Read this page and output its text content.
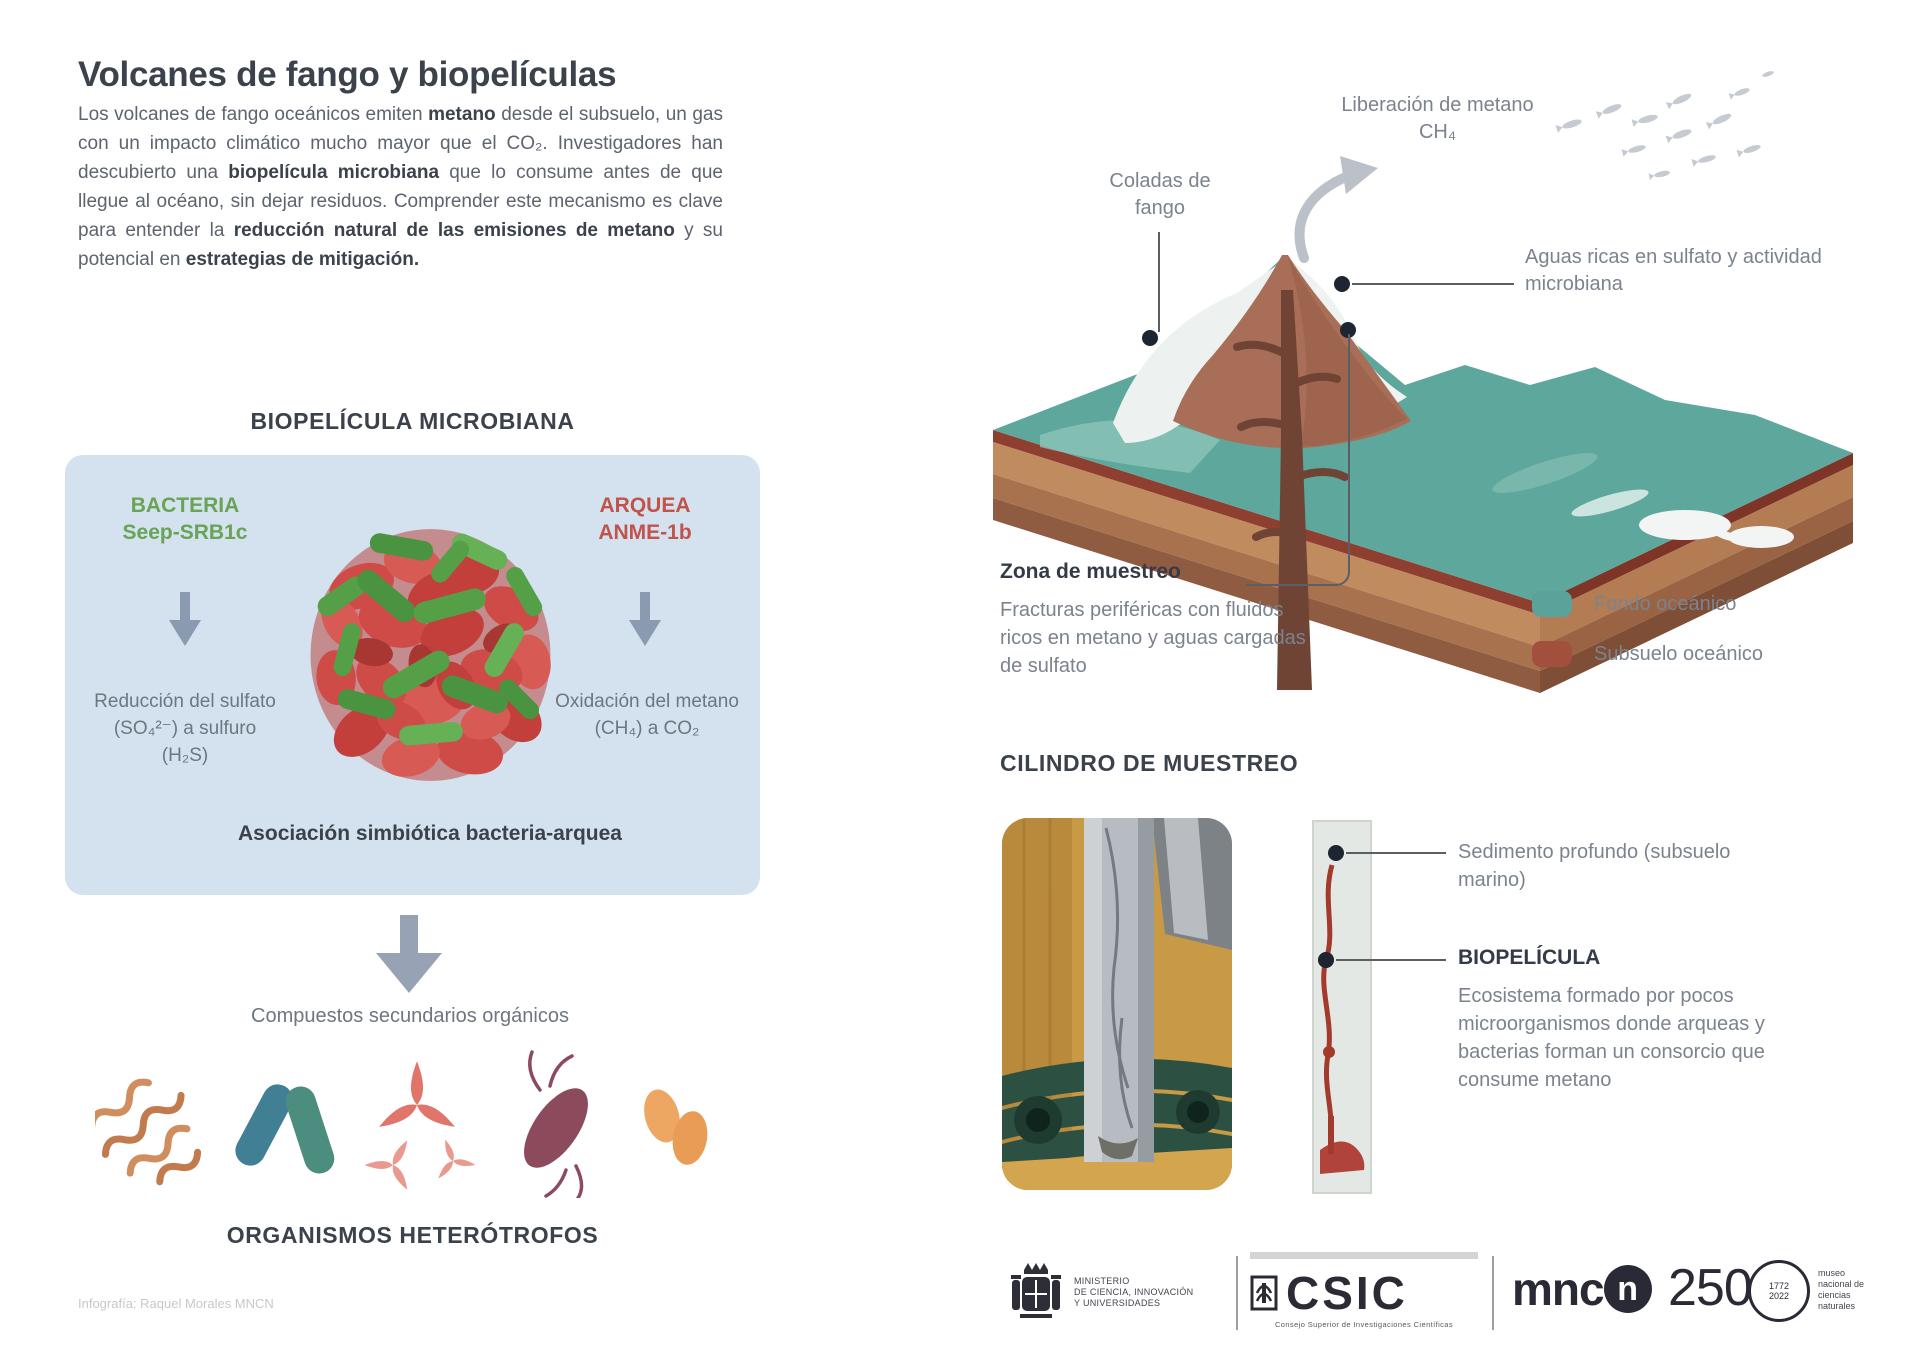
Volcanes de fango y biopelículas

Los volcanes de fango oceánicos emiten metano desde el subsuelo, un gas con un impacto climático mucho mayor que el CO₂. Investigadores han descubierto una biopelícula microbiana que lo consume antes de que llegue al océano, sin dejar residuos. Comprender este mecanismo es clave para entender la reducción natural de las emisiones de metano y su potencial en estrategias de mitigación.

BIOPELÍCULA MICROBIANA
BACTERIA
Seep-SRB1c
Reducción del sulfato (SO₄²⁻) a sulfuro (H₂S)
ARQUEA
ANME-1b
Oxidación del metano (CH₄) a CO₂
Asociación simbiótica bacteria-arquea
Compuestos secundarios orgánicos
ORGANISMOS HETERÓTROFOS
Infografía: Raquel Morales MNCN
Liberación de metano CH₄
Coladas de fango
Aguas ricas en sulfato y actividad microbiana
Zona de muestreo
Fracturas periféricas con fluidos ricos en metano y aguas cargadas de sulfato
Fondo oceánico
Subsuelo oceánico
CILINDRO DE MUESTREO
Sedimento profundo (subsuelo marino)
BIOPELÍCULA
Ecosistema formado por pocos microorganismos donde arqueas y bacterias forman un consorcio que consume metano
MINISTERIO
DE CIENCIA, INNOVACIÓN
Y UNIVERSIDADES	CSIC
Consejo Superior de Investigaciones Científicas
mnc n 250 1772
2022
museo
nacional de
ciencias
naturales
